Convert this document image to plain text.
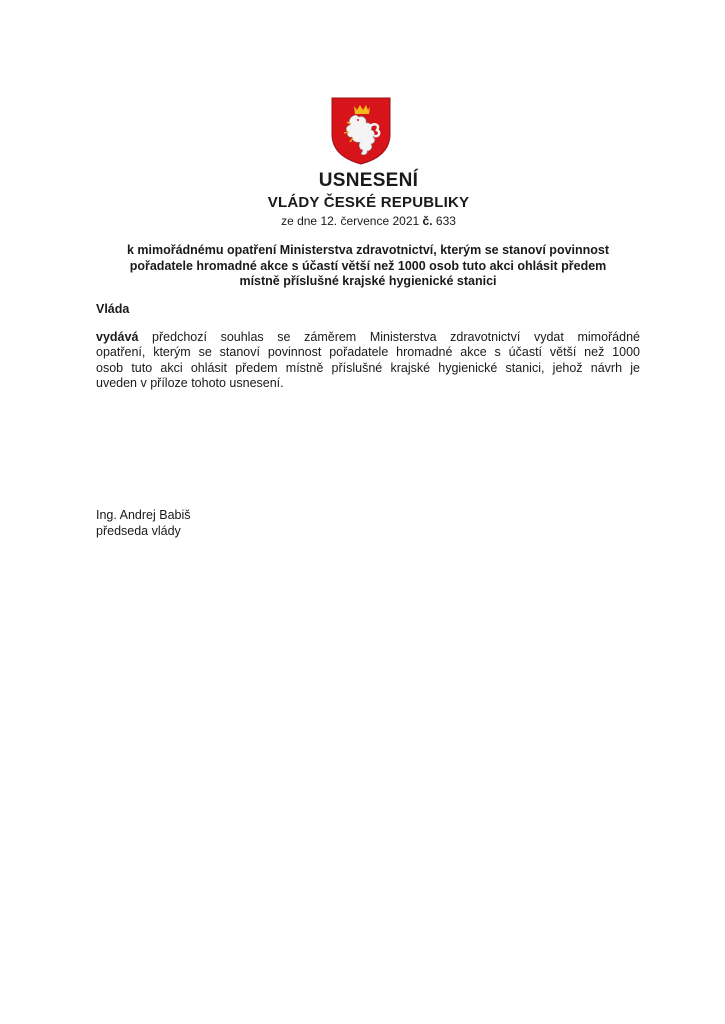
USNESENÍ
VLÁDY ČESKÉ REPUBLIKY
ze dne 12. července 2021 č. 633
k mimořádnému opatření Ministerstva zdravotnictví, kterým se stanoví povinnost
pořadatele hromadné akce s účastí větší než 1000 osob tuto akci ohlásit předem
místně příslušné krajské hygienické stanici
Vláda
vydává předchozí souhlas se záměrem Ministerstva zdravotnictví vydat mimořádné
opatření, kterým se stanoví povinnost pořadatele hromadné akce s účastí větší než 1000
osob tuto akci ohlásit předem místně příslušné krajské hygienické stanici, jehož návrh je
uveden v příloze tohoto usnesení.
Ing. Andrej Babiš
předseda vlády
